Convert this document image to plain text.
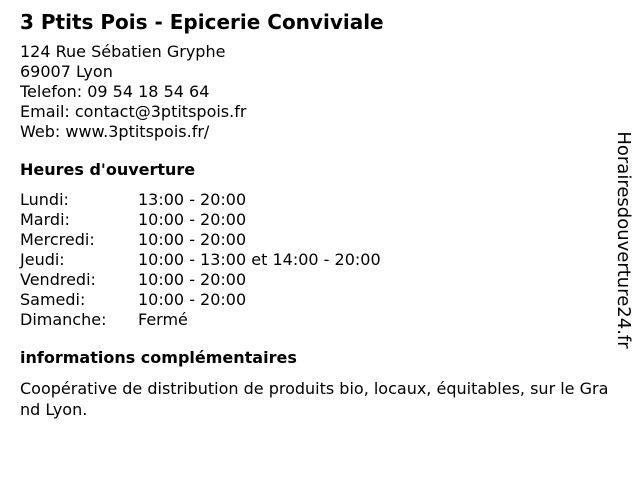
3 Ptits Pois - Epicerie Conviviale
124 Rue Sébatien Gryphe
69007 Lyon
Telefon: 09 54 18 54 64
Email: contact@3ptitspois.fr
Web: www.3ptitspois.fr/
Heures d'ouverture
Lundi:	13:00 - 20:00
Mardi:	10:00 - 20:00
Mercredi:	10:00 - 20:00
Jeudi:	10:00 - 13:00 et 14:00 - 20:00
Vendredi:	10:00 - 20:00
Samedi:	10:00 - 20:00
Dimanche:	Fermé
informations complémentaires
Coopérative de distribution de produits bio, locaux, équitables, sur le Grand Lyon.
Horairesdouverture24.fr
